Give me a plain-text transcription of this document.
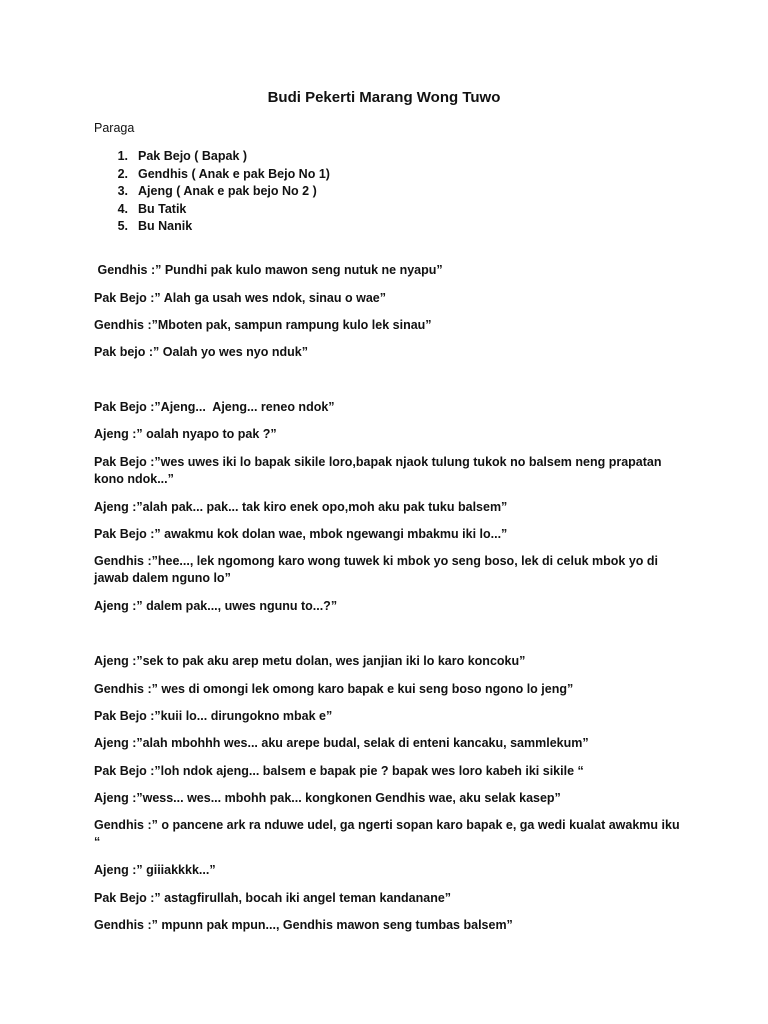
Budi Pekerti Marang Wong Tuwo
Paraga
1. Pak Bejo ( Bapak )
2. Gendhis ( Anak e pak Bejo No 1)
3. Ajeng ( Anak e pak bejo No 2 )
4. Bu Tatik
5. Bu Nanik
Gendhis :” Pundhi pak kulo mawon seng nutuk ne nyapu”
Pak Bejo :” Alah ga usah wes ndok, sinau o wae”
Gendhis :”Mboten pak, sampun rampung kulo lek sinau”
Pak bejo :” Oalah yo wes nyo nduk”
Pak Bejo :”Ajeng...  Ajeng... reneo ndok”
Ajeng :” oalah nyapo to pak ?”
Pak Bejo :”wes uwes iki lo bapak sikile loro,bapak njaok tulung tukok no balsem neng prapatan kono ndok...”
Ajeng :”alah pak... pak... tak kiro enek opo,moh aku pak tuku balsem”
Pak Bejo :” awakmu kok dolan wae, mbok ngewangi mbakmu iki lo...”
Gendhis :”hee..., lek ngomong karo wong tuwek ki mbok yo seng boso, lek di celuk mbok yo di jawab dalem nguno lo”
Ajeng :” dalem pak..., uwes ngunu to...?”
Ajeng :”sek to pak aku arep metu dolan, wes janjian iki lo karo koncoku”
Gendhis :” wes di omongi lek omong karo bapak e kui seng boso ngono lo jeng”
Pak Bejo :”kuii lo... dirungokno mbak e”
Ajeng :”alah mbohhh wes... aku arepe budal, selak di enteni kancaku, sammlekum”
Pak Bejo :”loh ndok ajeng... balsem e bapak pie ? bapak wes loro kabeh iki sikile “
Ajeng :”wess... wes... mbohh pak... kongkonen Gendhis wae, aku selak kasep”
Gendhis :” o pancene ark ra nduwe udel, ga ngerti sopan karo bapak e, ga wedi kualat awakmu iku “
Ajeng :” giiiakkkk...”
Pak Bejo :” astagfirullah, bocah iki angel teman kandanane”
Gendhis :” mpunn pak mpun..., Gendhis mawon seng tumbas balsem”
